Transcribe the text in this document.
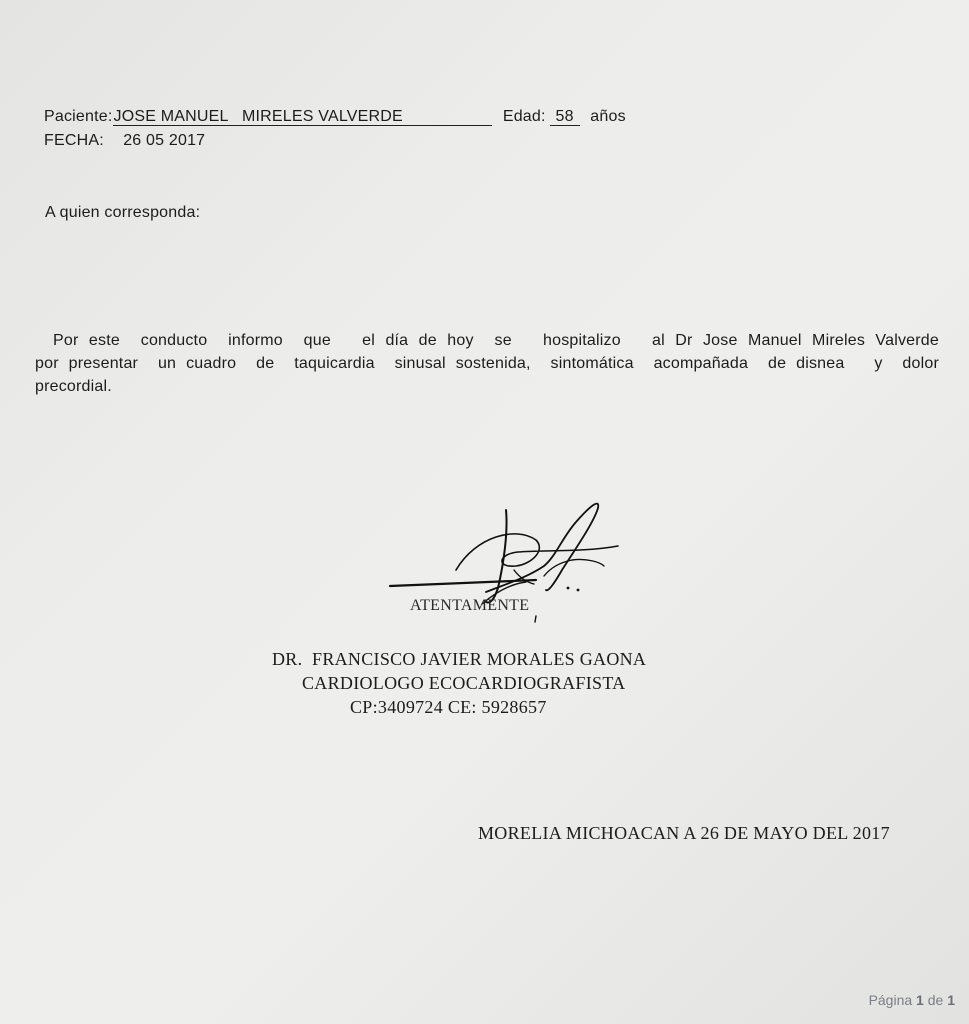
Paciente:JOSE MANUEL   MIRELES VALVERDE	Edad: 58 años
FECHA: 26 05 2017
A quien corresponda:
Por este  conducto  informo  que   el día de hoy  se   hospitalizo   al Dr Jose Manuel Mireles Valverde
por presentar  un cuadro  de  taquicardia  sinusal sostenida,  sintomática  acompañada  de disnea   y  dolor
precordial.
ATENTAMENTE
DR.  FRANCISCO JAVIER MORALES GAONA
CARDIOLOGO ECOCARDIOGRAFISTA
CP:3409724 CE: 5928657
MORELIA MICHOACAN A 26 DE MAYO DEL 2017
Página 1 de 1
